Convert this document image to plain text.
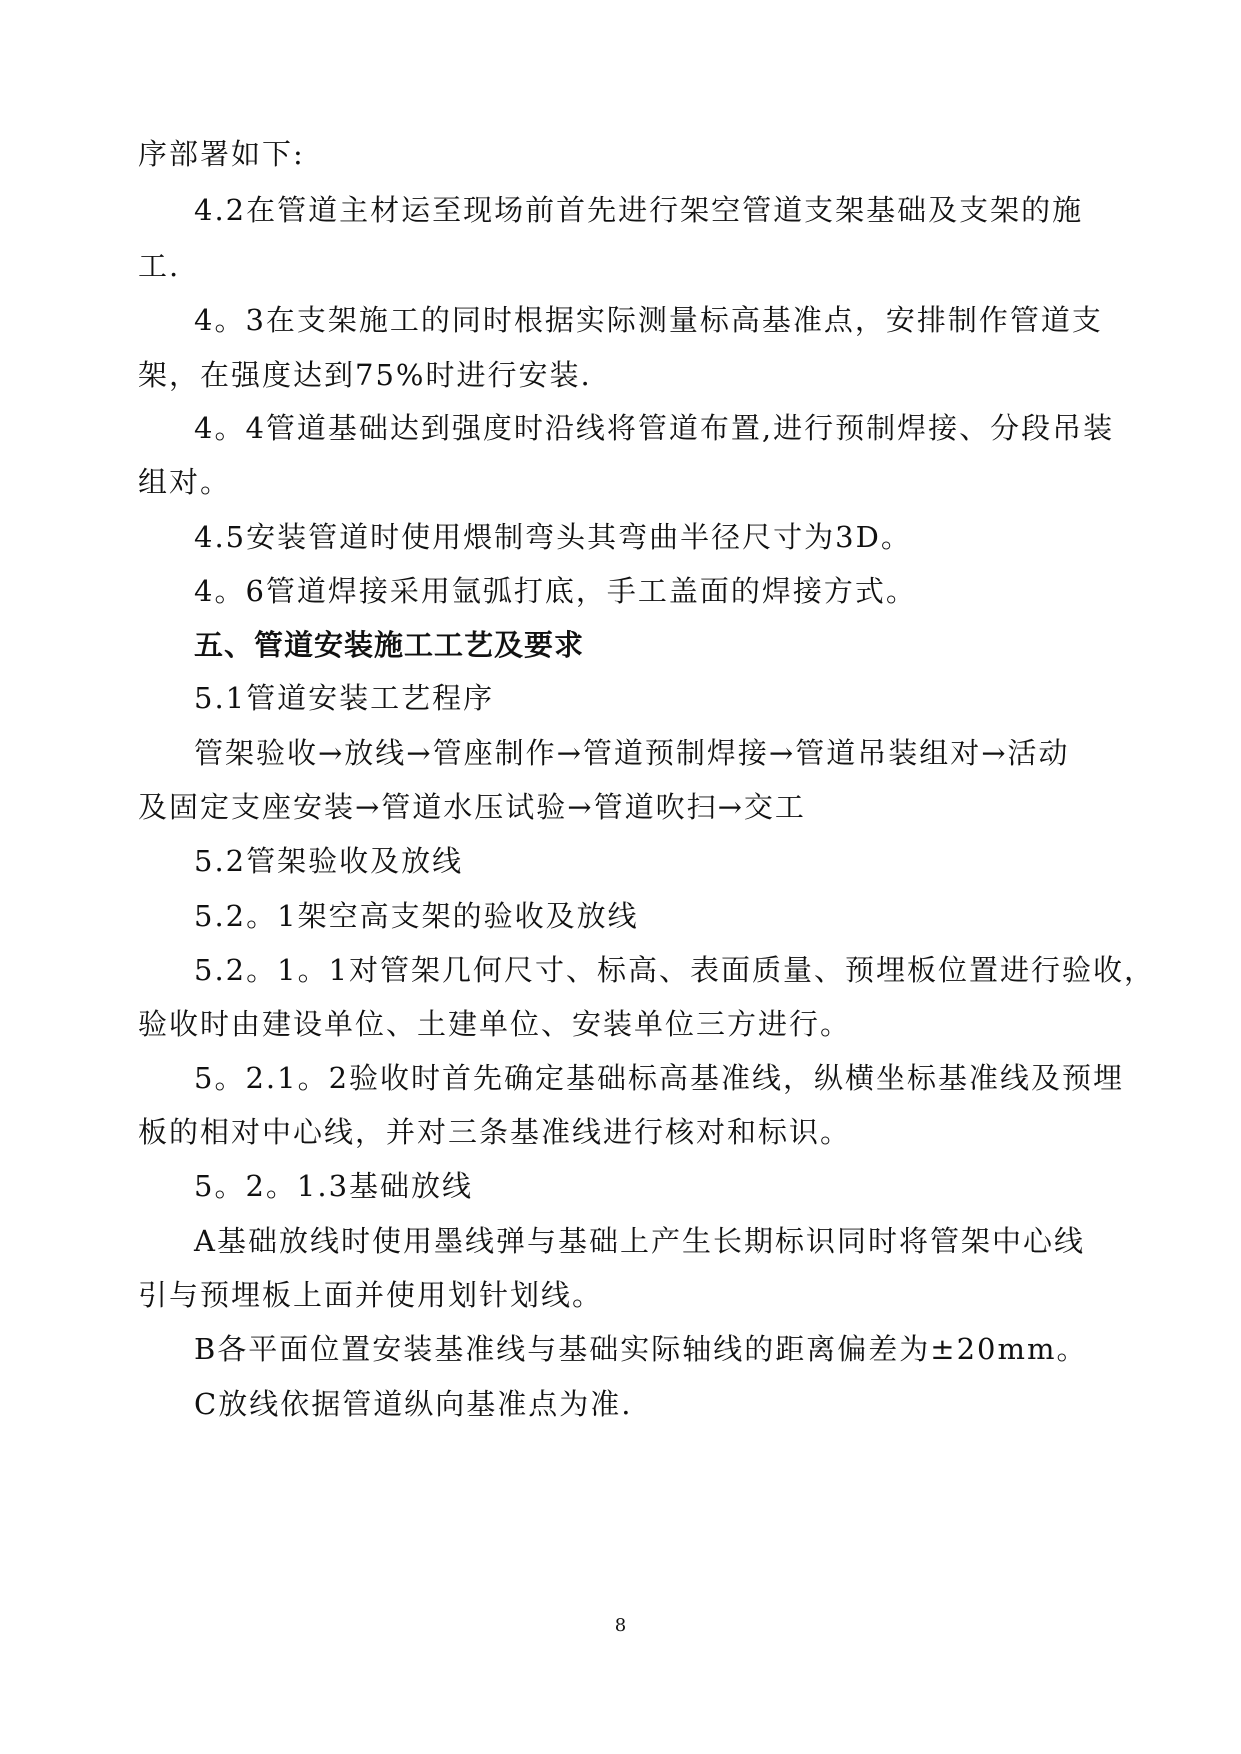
序部署如下:
4.2在管道主材运至现场前首先进行架空管道支架基础及支架的施
工.
4。3在支架施工的同时根据实际测量标高基准点，安排制作管道支
架，在强度达到75%时进行安装.
4。4管道基础达到强度时沿线将管道布置,进行预制焊接、分段吊装
组对。
4.5安装管道时使用煨制弯头其弯曲半径尺寸为3D。
4。6管道焊接采用氩弧打底，手工盖面的焊接方式。
五、管道安装施工工艺及要求
5.1管道安装工艺程序
管架验收→放线→管座制作→管道预制焊接→管道吊装组对→活动
及固定支座安装→管道水压试验→管道吹扫→交工
5.2管架验收及放线
5.2。1架空高支架的验收及放线
5.2。1。1对管架几何尺寸、标高、表面质量、预埋板位置进行验收，
验收时由建设单位、土建单位、安装单位三方进行。
5。2.1。2验收时首先确定基础标高基准线，纵横坐标基准线及预埋
板的相对中心线，并对三条基准线进行核对和标识。
5。2。1.3基础放线
A基础放线时使用墨线弹与基础上产生长期标识同时将管架中心线
引与预埋板上面并使用划针划线。
B各平面位置安装基准线与基础实际轴线的距离偏差为±20mm。
C放线依据管道纵向基准点为准.
8
